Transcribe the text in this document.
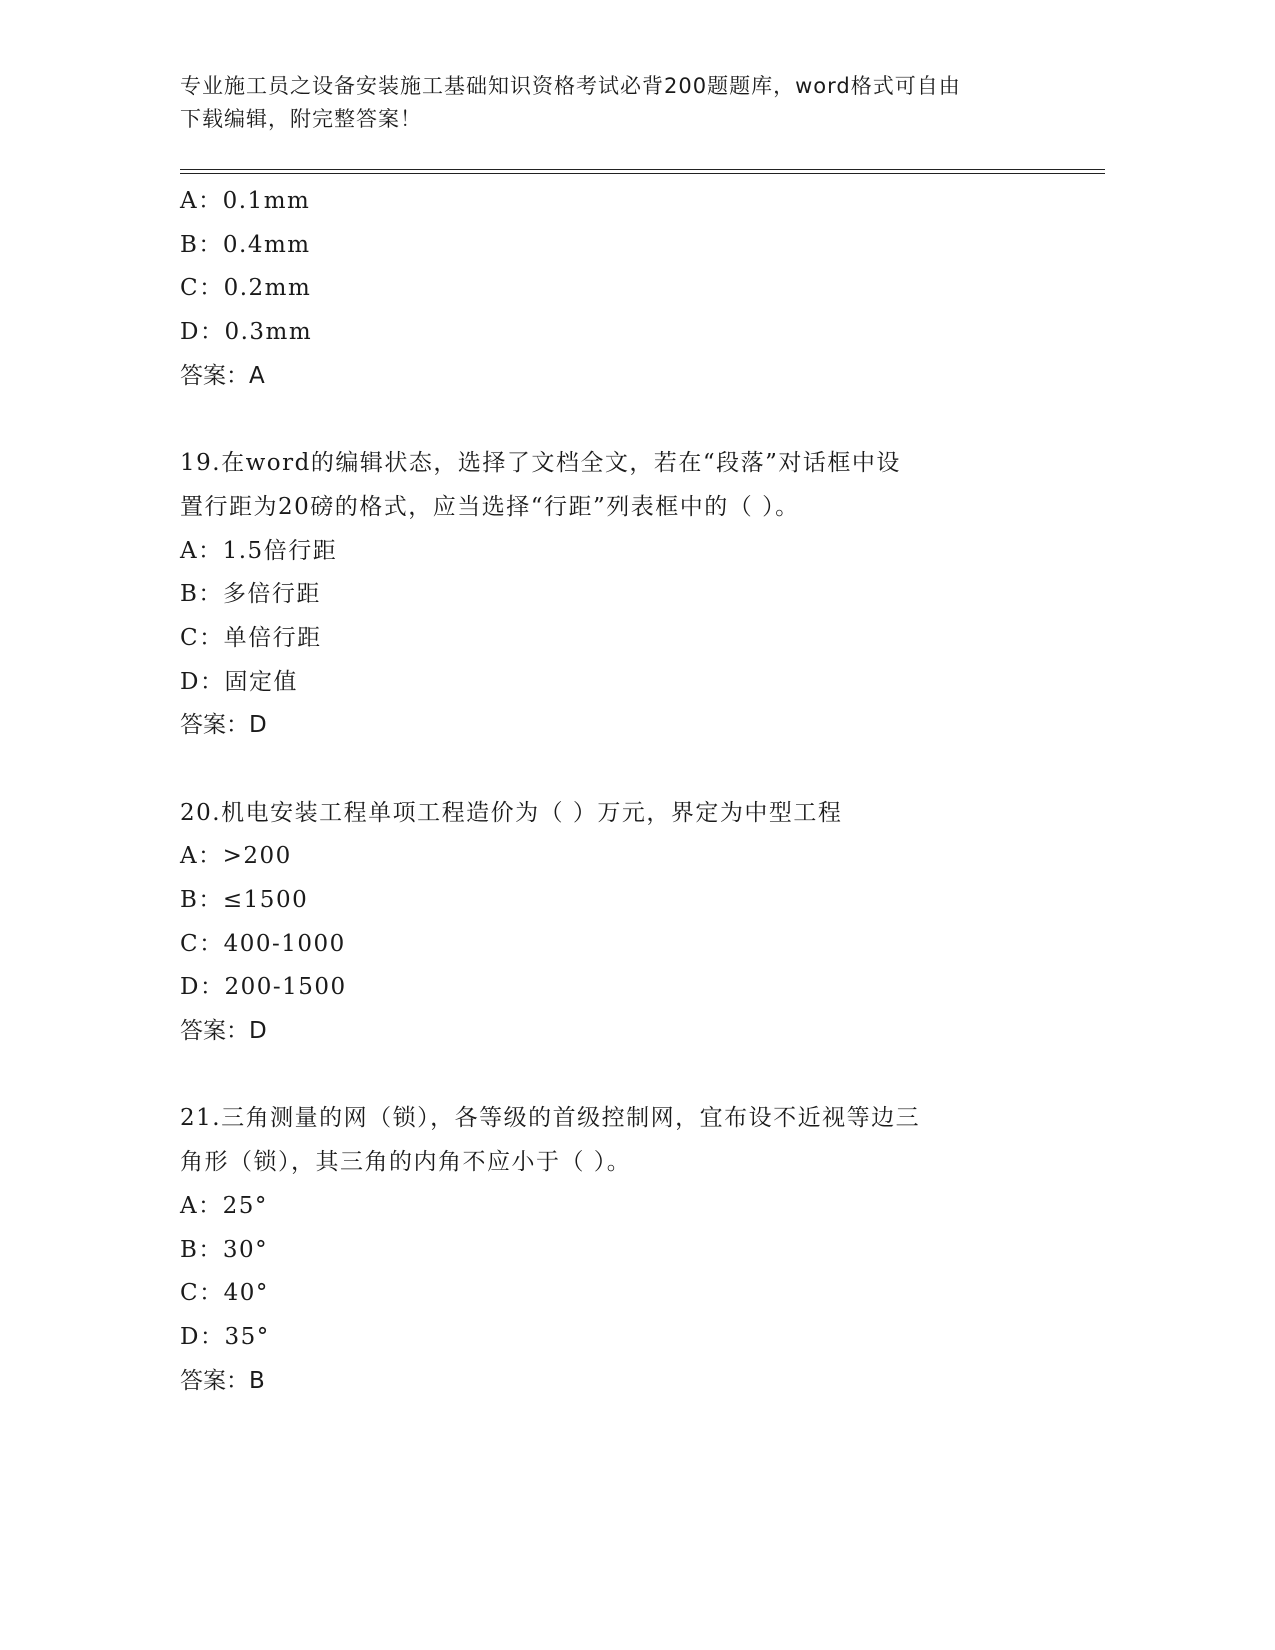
专业施工员之设备安装施工基础知识资格考试必背200题题库，word格式可自由
下载编辑，附完整答案！
A：0.1mm
B：0.4mm
C：0.2mm
D：0.3mm
答案：A
19.在word的编辑状态，选择了文档全文，若在“段落”对话框中设
置行距为20磅的格式，应当选择“行距”列表框中的（ ）。
A：1.5倍行距
B：多倍行距
C：单倍行距
D：固定值
答案：D
20.机电安装工程单项工程造价为（ ）万元，界定为中型工程
A：>200
B：≤1500
C：400-1000
D：200-1500
答案：D
21.三角测量的网（锁），各等级的首级控制网，宜布设不近视等边三
角形（锁），其三角的内角不应小于（ ）。
A：25°
B：30°
C：40°
D：35°
答案：B
